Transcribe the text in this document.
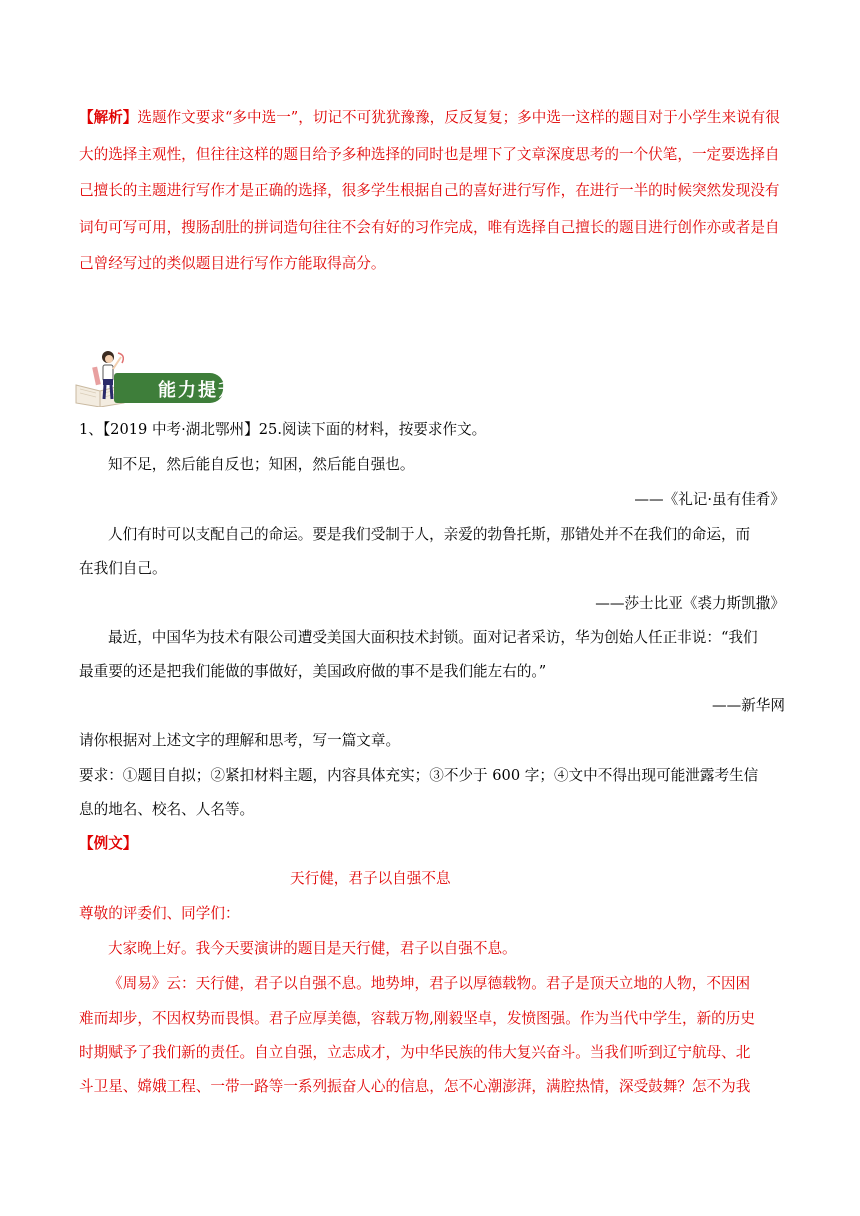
【解析】选题作文要求“多中选一”，切记不可犹犹豫豫，反反复复；多中选一这样的题目对于小学生来说有很大的选择主观性，但往往这样的题目给予多种选择的同时也是埋下了文章深度思考的一个伏笔，一定要选择自己擅长的主题进行写作才是正确的选择，很多学生根据自己的喜好进行写作，在进行一半的时候突然发现没有词句可写可用，搜肠刮肚的拼词造句往往不会有好的习作完成，唯有选择自己擅长的题目进行创作亦或者是自己曾经写过的类似题目进行写作方能取得高分。
能力提升
1、【2019 中考·湖北鄂州】25.阅读下面的材料，按要求作文。
知不足，然后能自反也；知困，然后能自强也。
——《礼记·虽有佳肴》
人们有时可以支配自己的命运。要是我们受制于人，亲爱的勃鲁托斯，那错处并不在我们的命运，而
在我们自己。
——莎士比亚《裘力斯凯撒》
最近，中国华为技术有限公司遭受美国大面积技术封锁。面对记者采访，华为创始人任正非说：“我们
最重要的还是把我们能做的事做好，美国政府做的事不是我们能左右的。”
——新华网
请你根据对上述文字的理解和思考，写一篇文章。
要求：①题目自拟；②紧扣材料主题，内容具体充实；③不少于 600 字；④文中不得出现可能泄露考生信
息的地名、校名、人名等。
【例文】
天行健，君子以自强不息
尊敬的评委们、同学们：
大家晚上好。我今天要演讲的题目是天行健，君子以自强不息。
《周易》云：天行健，君子以自强不息。地势坤，君子以厚德载物。君子是顶天立地的人物，不因困
难而却步，不因权势而畏惧。君子应厚美德，容载万物,刚毅坚卓，发愤图强。作为当代中学生，新的历史
时期赋予了我们新的责任。自立自强，立志成才，为中华民族的伟大复兴奋斗。当我们听到辽宁航母、北
斗卫星、嫦娥工程、一带一路等一系列振奋人心的信息，怎不心潮澎湃，满腔热情，深受鼓舞？怎不为我
